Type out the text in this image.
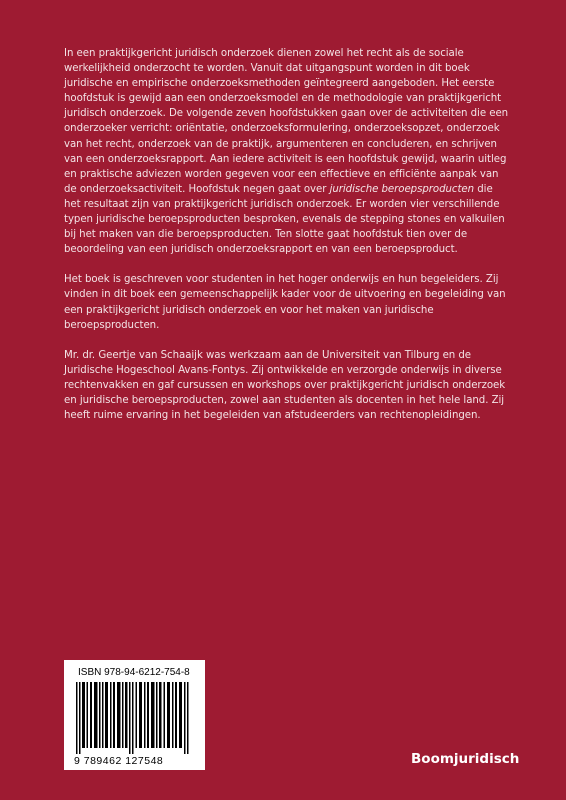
In een praktijkgericht juridisch onderzoek dienen zowel het recht als de sociale werkelijkheid onderzocht te worden. Vanuit dat uitgangspunt worden in dit boek juridische en empirische onderzoeksmethoden geïntegreerd aangeboden. Het eerste hoofdstuk is gewijd aan een onderzoeksmodel en de methodologie van praktijkgericht juridisch onderzoek. De volgende zeven hoofdstukken gaan over de activiteiten die een onderzoeker verricht: oriëntatie, onderzoeksformulering, onderzoeksopzet, onderzoek van het recht, onderzoek van de praktijk, argumenteren en concluderen, en schrijven van een onderzoeksrapport. Aan iedere activiteit is een hoofdstuk gewijd, waarin uitleg en praktische adviezen worden gegeven voor een effectieve en efficiënte aanpak van de onderzoeksactiviteit. Hoofdstuk negen gaat over juridische beroepsproducten die het resultaat zijn van praktijkgericht juridisch onderzoek. Er worden vier verschillende typen juridische beroepsproducten besproken, evenals de stepping stones en valkuilen bij het maken van die beroepsproducten. Ten slotte gaat hoofdstuk tien over de beoordeling van een juridisch onderzoeksrapport en van een beroepsproduct.

Het boek is geschreven voor studenten in het hoger onderwijs en hun begeleiders. Zij vinden in dit boek een gemeenschappelijk kader voor de uitvoering en begeleiding van een praktijkgericht juridisch onderzoek en voor het maken van juridische beroepsproducten.

Mr. dr. Geertje van Schaaijk was werkzaam aan de Universiteit van Tilburg en de Juridische Hogeschool Avans-Fontys. Zij ontwikkelde en verzorgde onderwijs in diverse rechtenvakken en gaf cursussen en workshops over praktijkgericht juridisch onderzoek en juridische beroepsproducten, zowel aan studenten als docenten in het hele land. Zij heeft ruime ervaring in het begeleiden van afstudeerders van rechtenopleidingen.

ISBN 978-94-6212-754-8
9 789462 127548	Boomjuridisch
